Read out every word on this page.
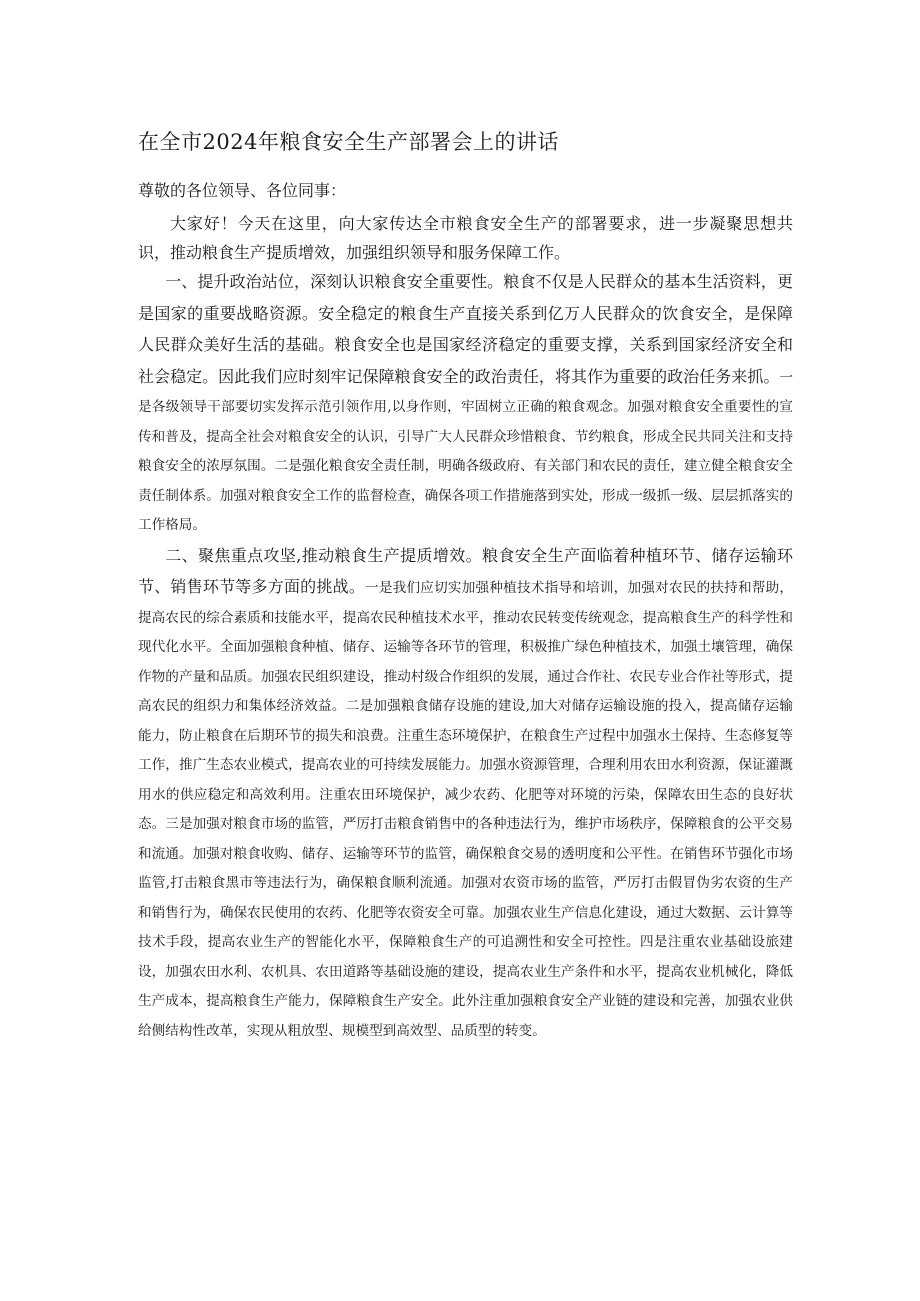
在全市2024年粮食安全生产部署会上的讲话

尊敬的各位领导、各位同事：

大家好！今天在这里，向大家传达全市粮食安全生产的部署要求，进一步凝聚思想共识，推动粮食生产提质增效，加强组织领导和服务保障工作。

一、提升政治站位，深刻认识粮食安全重要性。粮食不仅是人民群众的基本生活资料，更是国家的重要战略资源。安全稳定的粮食生产直接关系到亿万人民群众的饮食安全，是保障人民群众美好生活的基础。粮食安全也是国家经济稳定的重要支撑，关系到国家经济安全和社会稳定。因此我们应时刻牢记保障粮食安全的政治责任，将其作为重要的政治任务来抓。一是各级领导干部要切实发挥示范引领作用,以身作则，牢固树立正确的粮食观念。加强对粮食安全重要性的宣传和普及，提高全社会对粮食安全的认识，引导广大人民群众珍惜粮食、节约粮食，形成全民共同关注和支持粮食安全的浓厚氛围。二是强化粮食安全责任制，明确各级政府、有关部门和农民的责任，建立健全粮食安全责任制体系。加强对粮食安全工作的监督检查，确保各项工作措施落到实处，形成一级抓一级、层层抓落实的工作格局。

二、聚焦重点攻坚,推动粮食生产提质增效。粮食安全生产面临着种植环节、储存运输环节、销售环节等多方面的挑战。一是我们应切实加强种植技术指导和培训，加强对农民的扶持和帮助，提高农民的综合素质和技能水平，提高农民种植技术水平，推动农民转变传统观念，提高粮食生产的科学性和现代化水平。全面加强粮食种植、储存、运输等各环节的管理，积极推广绿色种植技术，加强土壤管理，确保作物的产量和品质。加强农民组织建设，推动村级合作组织的发展，通过合作社、农民专业合作社等形式，提高农民的组织力和集体经济效益。二是加强粮食储存设施的建设,加大对储存运输设施的投入，提高储存运输能力，防止粮食在后期环节的损失和浪费。注重生态环境保护，在粮食生产过程中加强水土保持、生态修复等工作，推广生态农业模式，提高农业的可持续发展能力。加强水资源管理，合理利用农田水利资源，保证灌溉用水的供应稳定和高效利用。注重农田环境保护，减少农药、化肥等对环境的污染，保障农田生态的良好状态。三是加强对粮食市场的监管，严厉打击粮食销售中的各种违法行为，维护市场秩序，保障粮食的公平交易和流通。加强对粮食收购、储存、运输等环节的监管，确保粮食交易的透明度和公平性。在销售环节强化市场监管,打击粮食黑市等违法行为，确保粮食顺利流通。加强对农资市场的监管，严厉打击假冒伪劣农资的生产和销售行为，确保农民使用的农药、化肥等农资安全可靠。加强农业生产信息化建设，通过大数据、云计算等技术手段，提高农业生产的智能化水平，保障粮食生产的可追溯性和安全可控性。四是注重农业基础设旅建设，加强农田水利、农机具、农田道路等基础设施的建设，提高农业生产条件和水平，提高农业机械化，降低生产成本，提高粮食生产能力，保障粮食生产安全。此外注重加强粮食安全产业链的建设和完善，加强农业供给侧结构性改革，实现从粗放型、规模型到高效型、品质型的转变。
